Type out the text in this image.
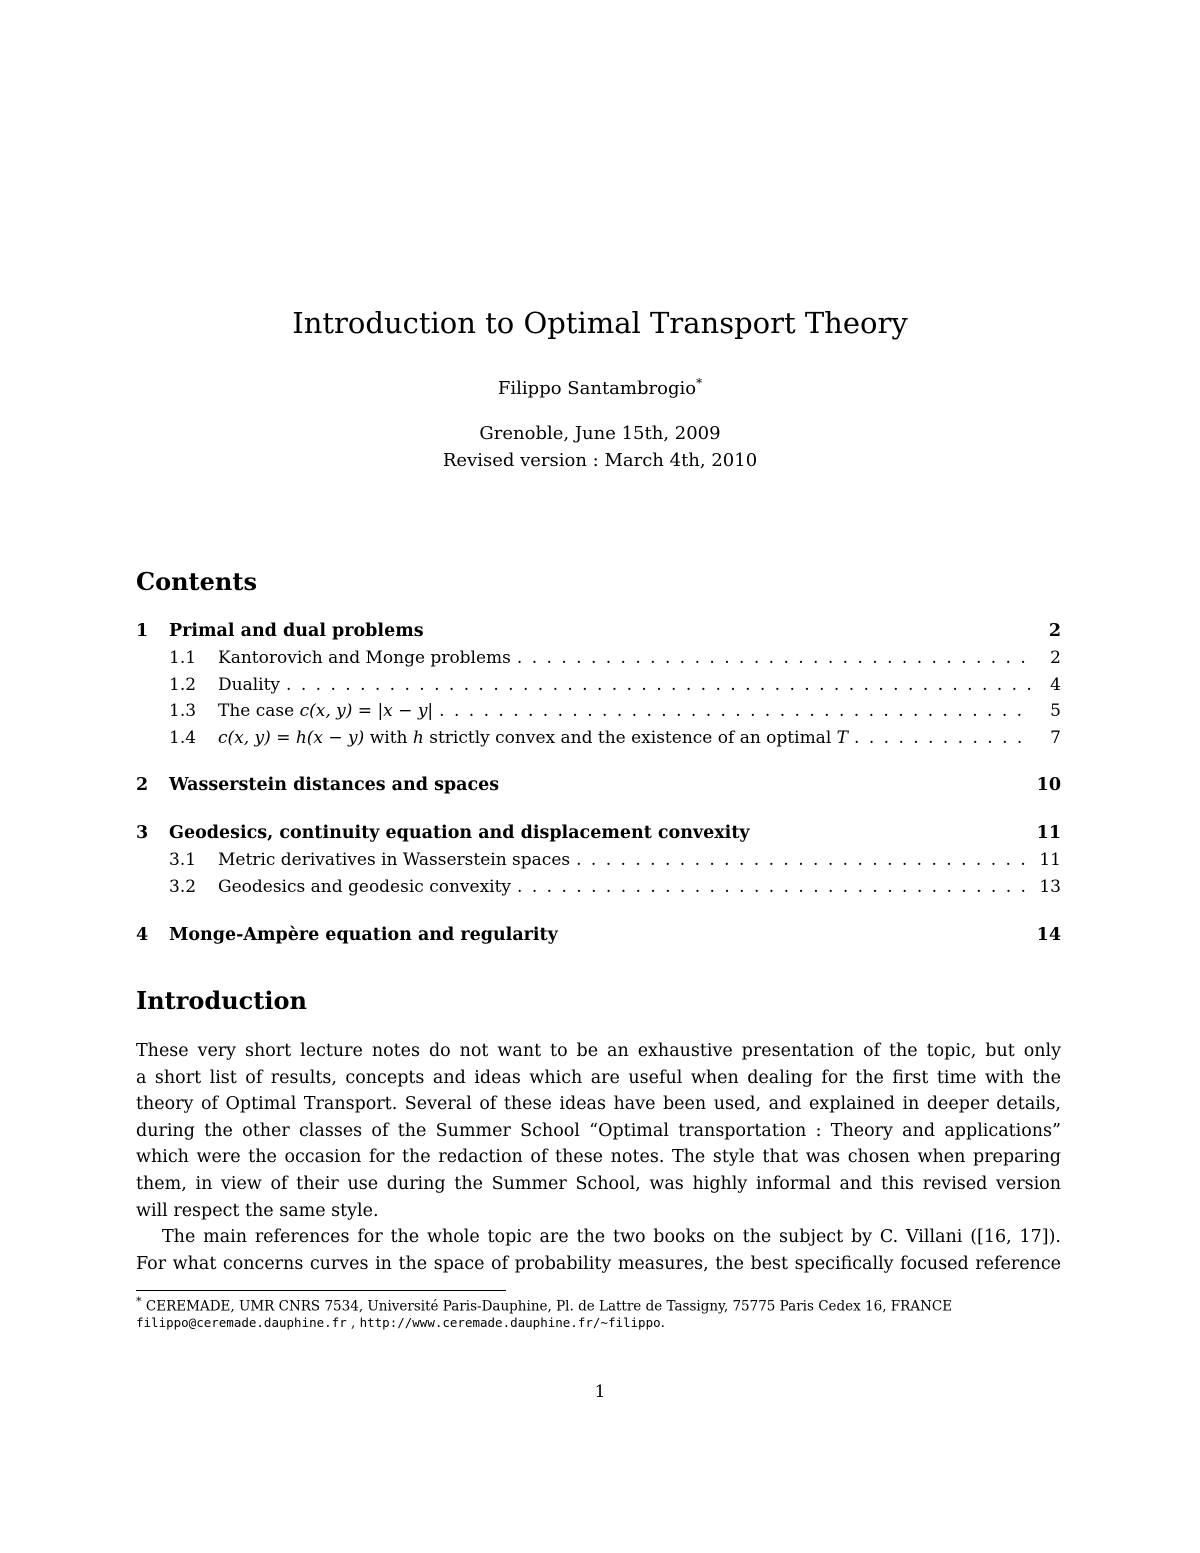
Introduction to Optimal Transport Theory
Filippo Santambrogio*
Grenoble, June 15th, 2009
Revised version : March 4th, 2010
Contents
1	Primal and dual problems	2
1.1	Kantorovich and Monge problems . . .	2
1.2	Duality . . .	4
1.3	The case c(x, y) = |x − y| . . .	5
1.4	c(x, y) = h(x − y) with h strictly convex and the existence of an optimal T . . .	7
2	Wasserstein distances and spaces	10
3	Geodesics, continuity equation and displacement convexity	11
3.1	Metric derivatives in Wasserstein spaces . . .	11
3.2	Geodesics and geodesic convexity . . .	13
4	Monge-Ampère equation and regularity	14
Introduction
These very short lecture notes do not want to be an exhaustive presentation of the topic, but only
a short list of results, concepts and ideas which are useful when dealing for the first time with the
theory of Optimal Transport. Several of these ideas have been used, and explained in deeper details,
during the other classes of the Summer School “Optimal transportation : Theory and applications”
which were the occasion for the redaction of these notes. The style that was chosen when preparing
them, in view of their use during the Summer School, was highly informal and this revised version
will respect the same style.
The main references for the whole topic are the two books on the subject by C. Villani ([16, 17]).
For what concerns curves in the space of probability measures, the best specifically focused reference
* CEREMADE, UMR CNRS 7534, Université Paris-Dauphine, Pl. de Lattre de Tassigny, 75775 Paris Cedex 16, FRANCE
filippo@ceremade.dauphine.fr , http://www.ceremade.dauphine.fr/~filippo.
1
